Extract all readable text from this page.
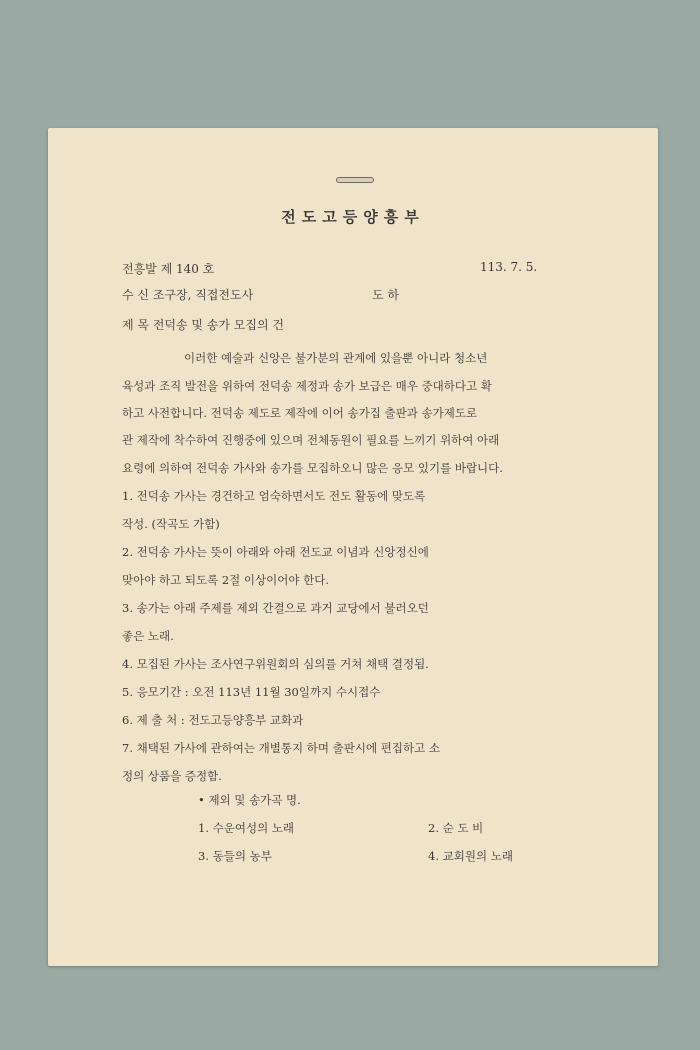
전도고등양흥부
전흥발 제 140 호	113. 7. 5.
수 신 조구장, 직접전도사	도 하
제 목 전덕송 및 송가 모집의 건
이러한 예술과 신앙은 불가분의 관계에 있을뿐 아니라 청소년
육성과 조직 발전을 위하여 전덕송 제정과 송가 보급은 매우 중대하다고 확
하고 사전합니다. 전덕송 제도로 제작에 이어 송가집 출판과 송가제도로
관 제작에 착수하여 진행중에 있으며 전체동원이 필요를 느끼기 위하여 아래
요령에 의하여 전덕송 가사와 송가를 모집하오니 많은 응모 있기를 바랍니다.
1. 전덕송 가사는 경건하고 엄숙하면서도 전도 활동에 맞도록
작성. (작곡도 가함)
2. 전덕송 가사는 뜻이 아래와 아래 전도교 이념과 신앙정신에
맞아야 하고 되도록 2절 이상이어야 한다.
3. 송가는 아래 주제를 제외 간결으로 과거 교당에서 불러오던
좋은 노래.
4. 모집된 가사는 조사연구위원회의 심의를 거쳐 채택 결정됨.
5. 응모기간 : 오전 113년 11월 30일까지 수시접수
6. 제 출 처 : 전도고등양흥부 교화과
7. 채택된 가사에 관하여는 개별통지 하며 출판시에 편집하고 소
정의 상품을 증정함.
• 제외 및 송가곡 명.
1. 수운여성의 노래	2. 순 도 비
3. 동들의 농부	4. 교회원의 노래
